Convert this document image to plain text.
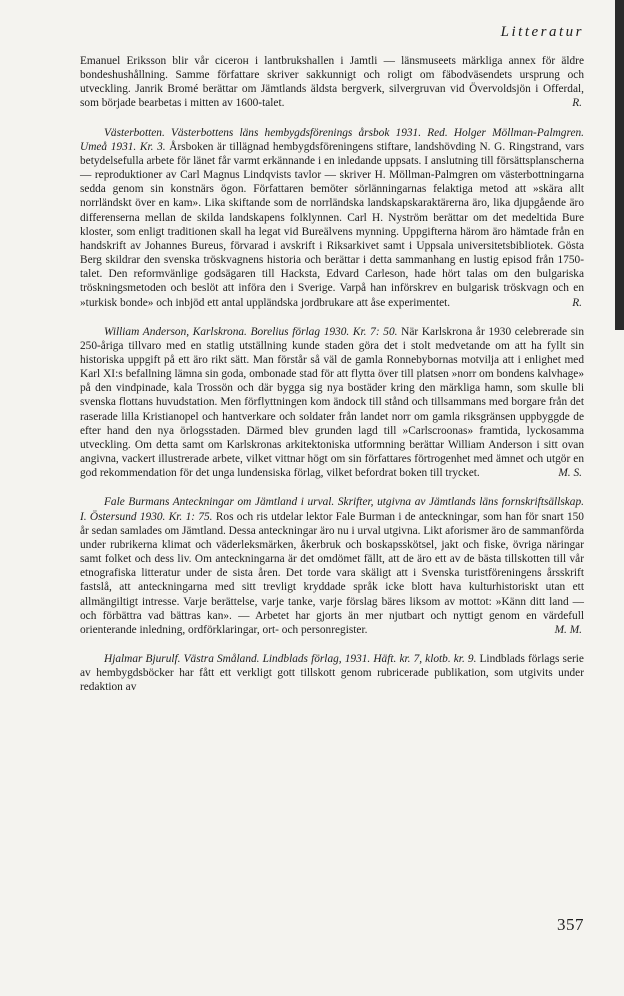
Litteratur

Emanuel Eriksson blir vår cicerон i lantbrukshallen i Jamtli — länsmuseets märkliga annex för äldre bondeshushållning. Samme författare skriver sakkunnigt och roligt om fäbodväsendets ursprung och utveckling. Janrik Bromé berättar om Jämtlands äldsta bergverk, silvergruvan vid Övervoldsjön i Offerdal, som började bearbetas i mitten av 1600-talet.	R.

Västerbotten. Västerbottens läns hembygdsförenings årsbok 1931. Red. Holger Möllman-Palmgren. Umeå 1931. Kr. 3. Årsboken är tillägnad hembygdsföreningens stiftare, landshövding N. G. Ringstrand, vars betydelsefulla arbete för länet får varmt erkännande i en inledande uppsats. I anslutning till försättsplanscherna — reproduktioner av Carl Magnus Lindqvists tavlor — skriver H. Möllman-Palmgren om västerbottningarna sedda genom sin konstnärs ögon. Författaren bemöter sörlänningarnas felaktiga metod att »skära allt norrländskt över en kam». Lika skiftande som de norrländska landskapskaraktärerna äro, lika djupgående äro differenserna mellan de skilda landskapens folklynnen. Carl H. Nyström berättar om det medeltida Bure kloster, som enligt traditionen skall ha legat vid Bureälvens mynning. Uppgifterna härom äro hämtade från en handskrift av Johannes Bureus, förvarad i avskrift i Riksarkivet samt i Uppsala universitetsbibliotek. Gösta Berg skildrar den svenska tröskvagnens historia och berättar i detta sammanhang en lustig episod från 1750-talet. Den reformvänlige godsägaren till Hacksta, Edvard Carleson, hade hört talas om den bulgariska tröskningsmetoden och beslöt att införa den i Sverige. Varpå han införskrev en bulgarisk tröskvagn och en »turkisk bonde» och inbjöd ett antal uppländska jordbrukare att åse experimentet.	R.

William Anderson, Karlskrona. Borelius förlag 1930. Kr. 7: 50. När Karlskrona år 1930 celebrerade sin 250-åriga tillvaro med en statlig utställning kunde staden göra det i stolt medvetande om att ha fyllt sin historiska uppgift på ett äro rikt sätt. Man förstår så väl de gamla Ronnebybornas motvilja att i enlighet med Karl XI:s befallning lämna sin goda, ombonade stad för att flytta över till platsen »norr om bondens kalvhage» på den vindpinade, kala Trossön och där bygga sig nya bostäder kring den märkliga hamn, som skulle bli svenska flottans huvudstation. Men förflyttningen kom ändock till stånd och tillsammans med borgare från det raserade lilla Kristianopel och hantverkare och soldater från landet norr om gamla riksgränsen uppbyggde de efter hand den nya örlogsstaden. Därmed blev grunden lagd till »Carlscroonas» framtida, lyckosamma utveckling. Om detta samt om Karlskronas arkitektoniska utformning berättar William Anderson i sitt ovan angivna, vackert illustrerade arbete, vilket vittnar högt om sin författares förtrogenhet med ämnet och utgör en god rekommendation för det unga lundensiska förlag, vilket befordrat boken till trycket.	M. S.

Fale Burmans Anteckningar om Jämtland i urval. Skrifter, utgivna av Jämtlands läns fornskriftsällskap. I. Östersund 1930. Kr. 1: 75. Ros och ris utdelar lektor Fale Burman i de anteckningar, som han för snart 150 år sedan samlades om Jämtland. Dessa anteckningar äro nu i urval utgivna. Likt aforismer äro de sammanförda under rubrikerna klimat och väderleksmärken, åkerbruk och boskapsskötsel, jakt och fiske, övriga näringar samt folket och dess liv. Om anteckningarna är det omdömet fällt, att de äro ett av de bästa tillskotten till vår etnografiska litteratur under de sista åren. Det torde vara skäligt att i Svenska turistföreningens årsskrift fastslå, att anteckningarna med sitt trevligt kryddade språk icke blott hava kulturhistoriskt utan ett allmängiltigt intresse. Varje berättelse, varje tanke, varje förslag bäres liksom av mottot: »Känn ditt land — och förbättra vad bättras kan». — Arbetet har gjorts än mer njutbart och nyttigt genom en värdefull orienterande inledning, ordförklaringar, ort- och personregister.	M. M.

Hjalmar Bjurulf. Västra Småland. Lindblads förlag, 1931. Häft. kr. 7, klotb. kr. 9. Lindblads förlags serie av hembygdsböcker har fått ett verkligt gott tillskott genom rubricerade publikation, som utgivits under redaktion av

357
